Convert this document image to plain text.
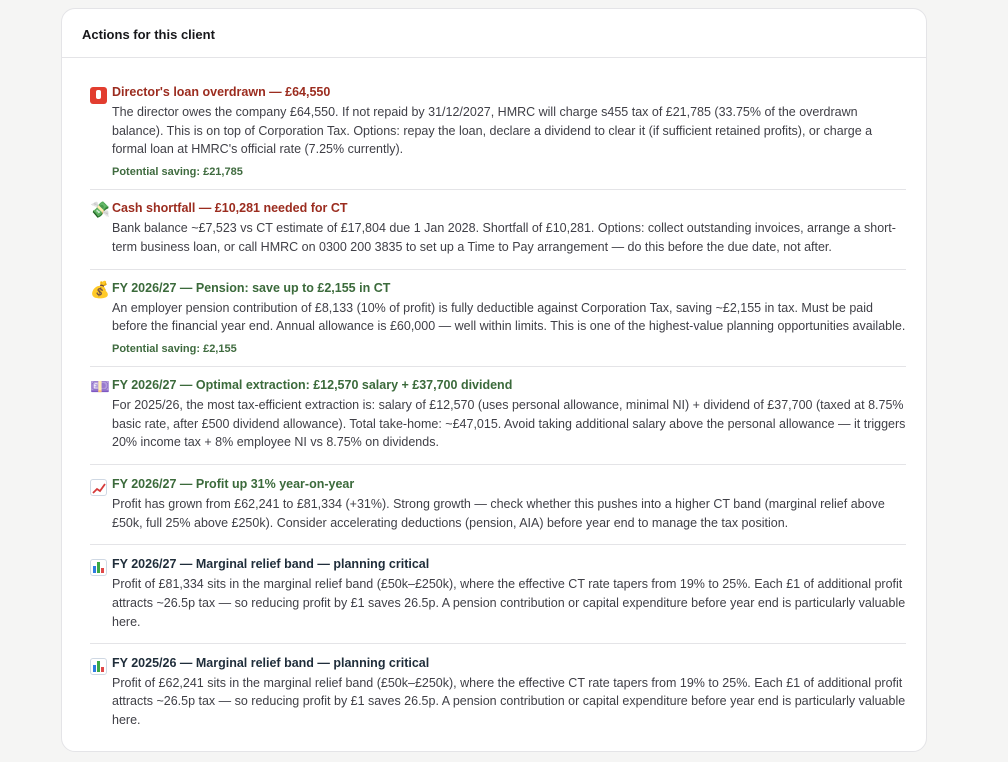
Actions for this client
Director's loan overdrawn — £64,550
The director owes the company £64,550. If not repaid by 31/12/2027, HMRC will charge s455 tax of £21,785 (33.75% of the overdrawn balance). This is on top of Corporation Tax. Options: repay the loan, declare a dividend to clear it (if sufficient retained profits), or charge a formal loan at HMRC's official rate (7.25% currently).
Potential saving: £21,785
💸 Cash shortfall — £10,281 needed for CT
Bank balance ~£7,523 vs CT estimate of £17,804 due 1 Jan 2028. Shortfall of £10,281. Options: collect outstanding invoices, arrange a short-term business loan, or call HMRC on 0300 200 3835 to set up a Time to Pay arrangement — do this before the due date, not after.
💰 FY 2026/27 — Pension: save up to £2,155 in CT
An employer pension contribution of £8,133 (10% of profit) is fully deductible against Corporation Tax, saving ~£2,155 in tax. Must be paid before the financial year end. Annual allowance is £60,000 — well within limits. This is one of the highest-value planning opportunities available.
Potential saving: £2,155
💷 FY 2026/27 — Optimal extraction: £12,570 salary + £37,700 dividend
For 2025/26, the most tax-efficient extraction is: salary of £12,570 (uses personal allowance, minimal NI) + dividend of £37,700 (taxed at 8.75% basic rate, after £500 dividend allowance). Total take-home: ~£47,015. Avoid taking additional salary above the personal allowance — it triggers 20% income tax + 8% employee NI vs 8.75% on dividends.
FY 2026/27 — Profit up 31% year-on-year
Profit has grown from £62,241 to £81,334 (+31%). Strong growth — check whether this pushes into a higher CT band (marginal relief above £50k, full 25% above £250k). Consider accelerating deductions (pension, AIA) before year end to manage the tax position.
FY 2026/27 — Marginal relief band — planning critical
Profit of £81,334 sits in the marginal relief band (£50k–£250k), where the effective CT rate tapers from 19% to 25%. Each £1 of additional profit attracts ~26.5p tax — so reducing profit by £1 saves 26.5p. A pension contribution or capital expenditure before year end is particularly valuable here.
FY 2025/26 — Marginal relief band — planning critical
Profit of £62,241 sits in the marginal relief band (£50k–£250k), where the effective CT rate tapers from 19% to 25%. Each £1 of additional profit attracts ~26.5p tax — so reducing profit by £1 saves 26.5p. A pension contribution or capital expenditure before year end is particularly valuable here.
